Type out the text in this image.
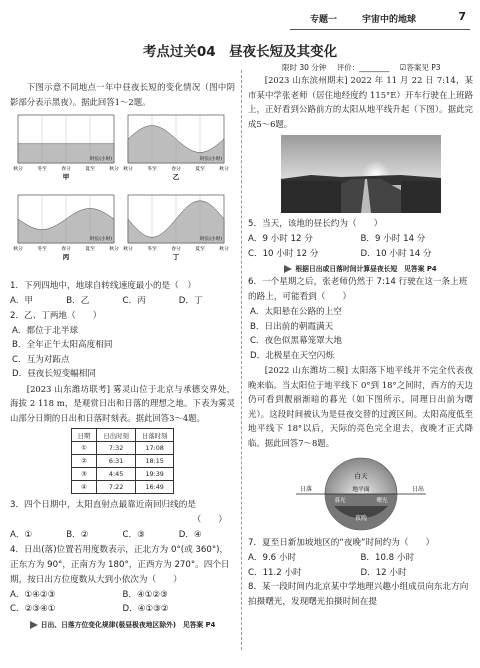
专题一	宇宙中的地球	7
考点过关04　昼夜长短及其变化
限时 30 分钟 评价：________ ☑答案见 P3

下图示意不同地点一年中昼夜长短的变化情况（图中阴影部分表示黑夜）。据此回答1～2题。

时长(小时)
秋分	冬至	春分	夏至	秋分
甲
时长(小时)
秋分	冬至	春分	夏至	秋分
乙
时长(小时)
秋分	冬至	春分	夏至	秋分
丙
时长(小时)
秋分	冬至	春分	夏至	秋分
丁
1．下列四地中，地球自转线速度最小的是（　）
A．甲	B．乙	C．丙	D．丁
2．乙、丁两地（　　）
A．都位于北半球
B．全年正午太阳高度相同
C．互为对跖点
D．昼夜长短变幅相同

[2023 山东潍坊联考] 雾灵山位于北京与承德交界处，海拔 2 118 m，是观赏日出和日落的理想之地。下表为雾灵山部分日期的日出和日落时刻表。据此回答3～4题。

日期	日出时刻	日落时刻
①	7:32	17:08
②	6:31	18:15
③	4:45	19:39
④	7:22	16:49
3．四个日期中，太阳直射点最靠近南回归线的是
（　　）
A．①	B．②	C．③	D．④
4．日出(落)位置若用度数表示，正北方为 0°(或 360°)，正东方为 90°，正南方为 180°，正西方为 270°。四个日期，按日出方位度数从大到小依次为（　　）
A．①④②③	B．④①②③
C．②③④①	D．④①③②
日出、日落方位变化规律(极昼极夜地区除外)　见答案 P4

[2023 山东滨州期末] 2022 年 11 月 22 日 7:14，某市某中学张老师（居住地经度约 115°E）开车行驶在上班路上，正好看到公路前方的太阳从地平线升起（下图）。据此完成5～6题。

5．当天，该地的昼长约为（　　）
A．9 小时 12 分	B．9 小时 14 分
C．10 小时 12 分	D．10 小时 14 分
根据日出或日落时间计算昼夜长短　见答案 P4
6．一个星期之后，张老师仍然于 7:14 行驶在这一条上班的路上，可能看到（　　）
A．太阳悬在公路的上空
B．日出前的朝霞满天
C．夜色似黑幕笼罩大地
D．北极星在天空闪烁

[2022 山东潍坊二模] 太阳落下地平线并不完全代表夜晚来临。当太阳位于地平线下 0°到 18°之间时，西方的天边仍可看到靓丽渐暗的暮光（如下图所示，同理日出前为曙光）。这段时间被认为是昼夜交替的过渡区间。太阳高度低至地平线下 18°以后，天际的亮色完全退去，夜晚才正式降临。据此回答7～8题。

白天
地平面
日落	日出
暮光	曙光
夜晚
7．夏至日新加坡地区的“夜晚”时间约为（　　）
A．9.6 小时	B．10.8 小时
C．11.2 小时	D．12 小时
8．某一段时间内北京某中学地理兴趣小组成员向东北方向拍摄曙光，发现曙光拍摄时间在提
